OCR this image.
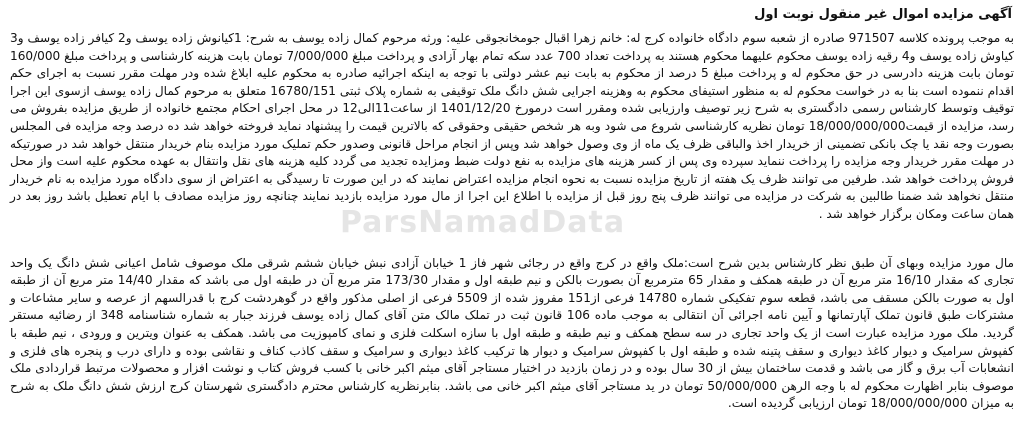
آگهی مزایده اموال غیر منقول نوبت اول

به موجب پرونده کلاسه 971507 صادره از شعبه سوم دادگاه خانواده کرج له: خانم زهرا اقبال جومخانجوقی علیه: ورثه مرحوم کمال زاده یوسف به شرح: 1کیانوش زاده یوسف و2 کیافر زاده یوسف و3 کیاوش زاده یوسف و4 رقیه زاده یوسف محکوم علیهما محکوم هستند به پرداخت تعداد 700 عدد سکه تمام بهار آزادی و پرداخت مبلغ 7/000/000 تومان بابت هزینه کارشناسی و پرداخت مبلغ 160/000 تومان بابت هزینه دادرسی در حق محکوم له و پرداخت مبلغ 5 درصد از محکوم به بابت نیم عشر دولتی با توجه به اینکه اجرائیه صادره به محکوم علیه ابلاغ شده ودر مهلت مقرر نسبت به اجرای حکم اقدام ننموده است بنا به در خواست محکوم له به منظور استیفای محکوم به وهزینه اجرایی شش دانگ ملک توقیفی به شماره پلاک ثبتی 16780/151 متعلق به مرحوم کمال زاده یوسف ازسوی این اجرا توقیف وتوسط کارشناس رسمی دادگستری به شرح زیر توصیف وارزیابی شده ومقرر است درمورخ 1401/12/20 از ساعت11الی12 در محل اجرای احکام مجتمع خانواده از طریق مزایده بفروش می رسد، مزایده از قیمت18/000/000/000 تومان نظریه کارشناسی شروع می شود وبه هر شخص حقیقی وحقوقی که بالاترین قیمت را پیشنهاد نماید فروخته خواهد شد ده درصد وجه مزایده فی المجلس بصورت وجه نقد یا چک بانکی تضمینی از خریدار اخذ والباقی ظرف یک ماه از وی وصول خواهد شد وپس از انجام مراحل قانونی وصدور حکم تملیک مورد مزایده بنام خریدار منتقل خواهد شد در صورتیکه در مهلت مقرر خریدار وجه مزایده را پرداخت ننماید سپرده وی پس از کسر هزینه های مزایده به نفع دولت ضبط ومزایده تجدید می گردد کلیه هزینه های نقل وانتقال به عهده محکوم علیه است واز محل فروش پرداخت خواهد شد. طرفین می توانند ظرف یک هفته از تاریخ مزایده نسبت به نحوه انجام مزایده اعتراض نمایند که در این صورت تا رسیدگی به اعتراض از سوی دادگاه مورد مزایده به نام خریدار منتقل نخواهد شد ضمنا طالبین به شرکت در مزایده می توانند ظرف پنج روز قبل از مزایده با اطلاع این اجرا از مال مورد مزایده بازدید نمایند چنانچه روز مزایده مصادف با ایام تعطیل باشد روز بعد در همان ساعت ومکان برگزار خواهد شد .

مال مورد مزایده وبهای آن طبق نظر کارشناس بدین شرح است:ملک واقع در کرج واقع در رجائی شهر فاز 1 خیابان آزادی نبش خیابان ششم شرقی ملک موصوف شامل اعیانی شش دانگ یک واحد تجاری که مقدار 16/10 متر مربع آن در طبقه همکف و مقدار 65 مترمربع آن بصورت بالکن و نیم طبقه اول و مقدار 173/30 متر مربع آن در طبقه اول می باشد که مقدار 14/40 متر مربع آن از طبقه اول به صورت بالکن مسقف می باشد، قطعه سوم تفکیکی شماره 14780 فرعی از151 مفروز شده از 5509 فرعی از اصلی مذکور واقع در گوهردشت کرج با قدرالسهم از عرصه و سایر مشاعات و مشترکات طبق قانون تملک آپارتمانها و آیین نامه اجرائی آن انتقالی به موجب ماده 106 قانون ثبت در تملک مالک متن آقای کمال زاده یوسف فرزند جبار به شماره شناسنامه 348 از رضائیه مستقر گردید. ملک مورد مزایده عبارت است از یک واحد تجاری در سه سطح همکف و نیم طبقه و طبقه اول با سازه اسکلت فلزی و نمای کامپوزیت می باشد. همکف به عنوان ویترین و ورودی ، نیم طبقه با کفپوش سرامیک و دیوار کاغذ دیواری و سقف پتینه شده و طبقه اول با کفپوش سرامیک و دیوار ها ترکیب کاغذ دیواری و سرامیک و سقف کاذب کناف و نقاشی بوده و دارای درب و پنجره های فلزی و انشعابات آب برق و گاز می باشد و قدمت ساختمان بیش از 30 سال بوده و در زمان بازدید در اختیار مستاجر آقای میثم اکبر خانی با کسب فروش کتاب و نوشت افزار و محصولات مرتبط قراردادی ملک موصوف بنابر اظهارت محکوم له با وجه الرهن 50/000/000 تومان در ید مستاجر آقای میثم اکبر خانی می باشد. بنابرنظریه کارشناس محترم دادگستری شهرستان کرج ارزش شش دانگ ملک به شرح به میزان 18/000/000/000 تومان ارزیابی گردیده است.

ParsNamadData
